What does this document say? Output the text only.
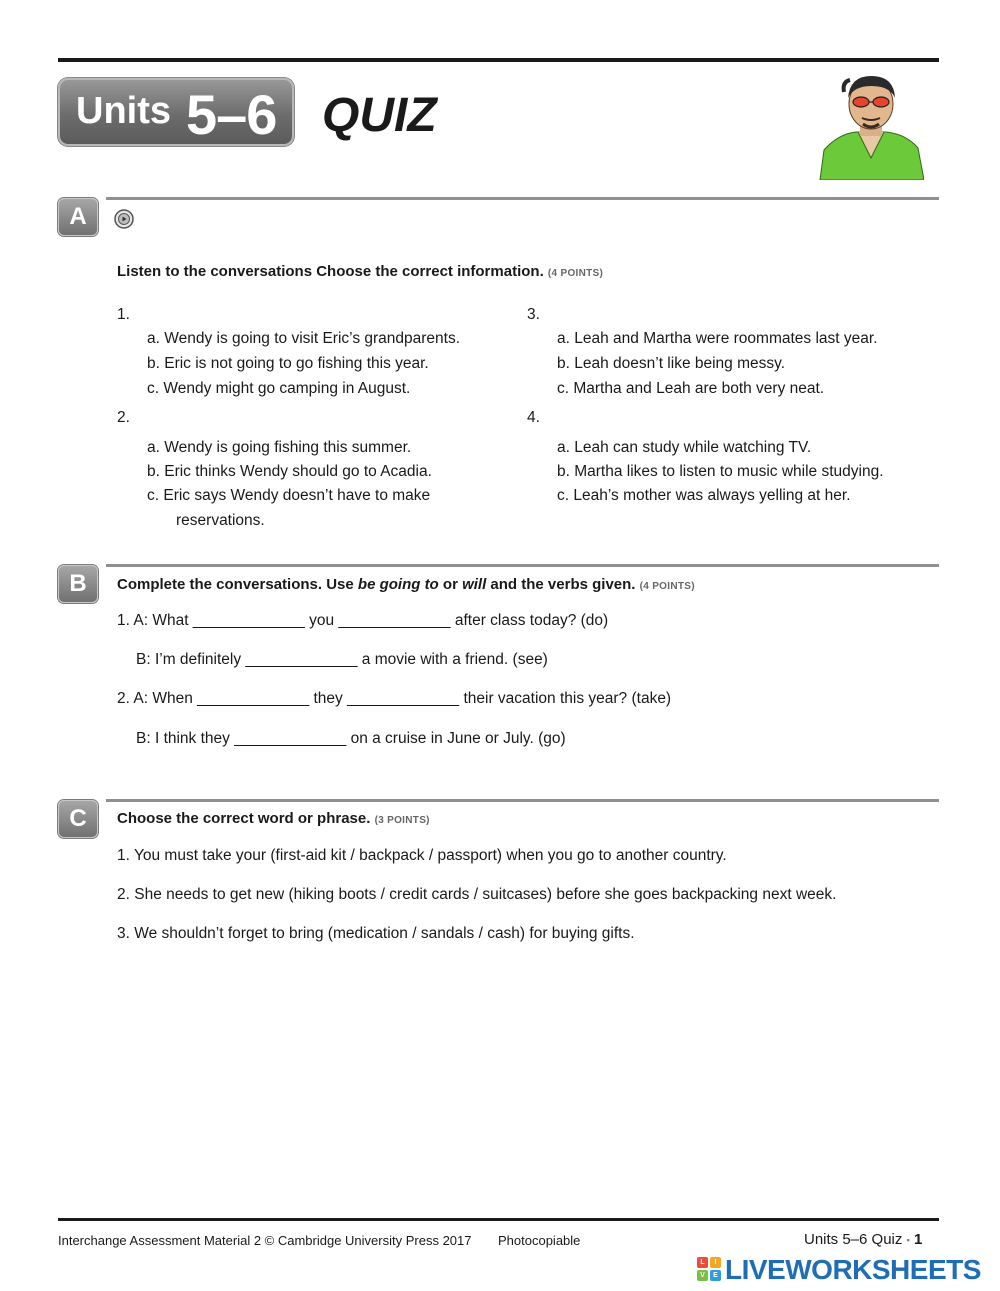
Units 5–6 QUIZ
A
Listen to the conversations Choose the correct information. (4 POINTS)
1.
a. Wendy is going to visit Eric’s grandparents.
b. Eric is not going to go fishing this year.
c. Wendy might go camping in August.
2.
a. Wendy is going fishing this summer.
b. Eric thinks Wendy should go to Acadia.
c. Eric says Wendy doesn’t have to make
reservations.
3.
a. Leah and Martha were roommates last year.
b. Leah doesn’t like being messy.
c. Martha and Leah are both very neat.
4.
a. Leah can study while watching TV.
b. Martha likes to listen to music while studying.
c. Leah’s mother was always yelling at her.
B	Complete the conversations. Use be going to or will and the verbs given. (4 POINTS)
1. A: What _____________ you _____________ after class today? (do)
B: I’m definitely _____________ a movie with a friend. (see)
2. A: When _____________ they _____________ their vacation this year? (take)
B: I think they _____________ on a cruise in June or July. (go)
C	Choose the correct word or phrase. (3 POINTS)
1. You must take your (first-aid kit / backpack / passport) when you go to another country.
2. She needs to get new (hiking boots / credit cards / suitcases) before she goes backpacking next week.
3. We shouldn’t forget to bring (medication / sandals / cash) for buying gifts.
Interchange Assessment Material 2 © Cambridge University Press 2017 Photocopiable	Units 5–6 Quiz ▪ 1
L	I
V	E LIVEWORKSHEETS
